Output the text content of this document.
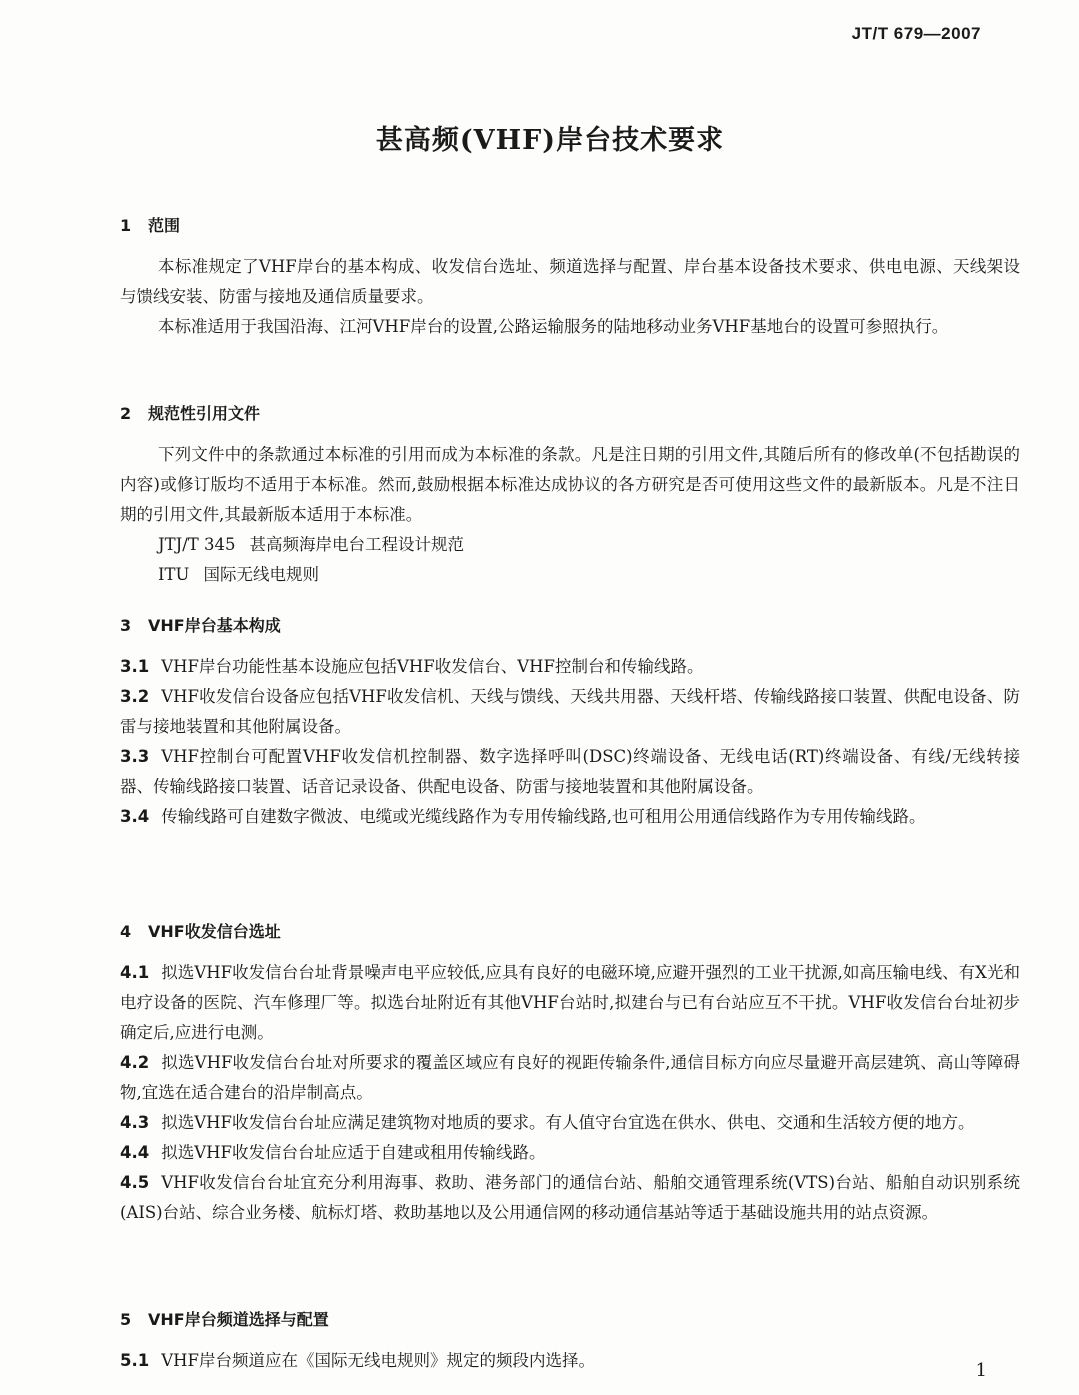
JT/T 679—2007
甚高频(VHF)岸台技术要求
1 范围
本标准规定了VHF岸台的基本构成、收发信台选址、频道选择与配置、岸台基本设备技术要求、供电电源、天线架设与馈线安装、防雷与接地及通信质量要求。
本标准适用于我国沿海、江河VHF岸台的设置,公路运输服务的陆地移动业务VHF基地台的设置可参照执行。
2 规范性引用文件
下列文件中的条款通过本标准的引用而成为本标准的条款。凡是注日期的引用文件,其随后所有的修改单(不包括勘误的内容)或修订版均不适用于本标准。然而,鼓励根据本标准达成协议的各方研究是否可使用这些文件的最新版本。凡是不注日期的引用文件,其最新版本适用于本标准。
JTJ/T 345 甚高频海岸电台工程设计规范
ITU 国际无线电规则
3 VHF岸台基本构成
3.1 VHF岸台功能性基本设施应包括VHF收发信台、VHF控制台和传输线路。
3.2 VHF收发信台设备应包括VHF收发信机、天线与馈线、天线共用器、天线杆塔、传输线路接口装置、供配电设备、防雷与接地装置和其他附属设备。
3.3 VHF控制台可配置VHF收发信机控制器、数字选择呼叫(DSC)终端设备、无线电话(RT)终端设备、有线/无线转接器、传输线路接口装置、话音记录设备、供配电设备、防雷与接地装置和其他附属设备。
3.4 传输线路可自建数字微波、电缆或光缆线路作为专用传输线路,也可租用公用通信线路作为专用传输线路。
4 VHF收发信台选址
4.1 拟选VHF收发信台台址背景噪声电平应较低,应具有良好的电磁环境,应避开强烈的工业干扰源,如高压输电线、有X光和电疗设备的医院、汽车修理厂等。拟选台址附近有其他VHF台站时,拟建台与已有台站应互不干扰。VHF收发信台台址初步确定后,应进行电测。
4.2 拟选VHF收发信台台址对所要求的覆盖区域应有良好的视距传输条件,通信目标方向应尽量避开高层建筑、高山等障碍物,宜选在适合建台的沿岸制高点。
4.3 拟选VHF收发信台台址应满足建筑物对地质的要求。有人值守台宜选在供水、供电、交通和生活较方便的地方。
4.4 拟选VHF收发信台台址应适于自建或租用传输线路。
4.5 VHF收发信台台址宜充分利用海事、救助、港务部门的通信台站、船舶交通管理系统(VTS)台站、船舶自动识别系统(AIS)台站、综合业务楼、航标灯塔、救助基地以及公用通信网的移动通信基站等适于基础设施共用的站点资源。
5 VHF岸台频道选择与配置
5.1 VHF岸台频道应在《国际无线电规则》规定的频段内选择。	1
